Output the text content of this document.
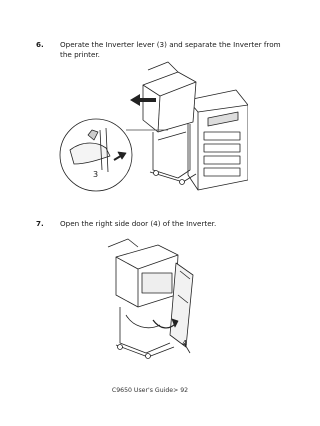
6. Operate the Inverter lever (3) and separate the Inverter from the printer.
3
7. Open the right side door (4) of the Inverter.
4
C9650 User's Guide> 92
